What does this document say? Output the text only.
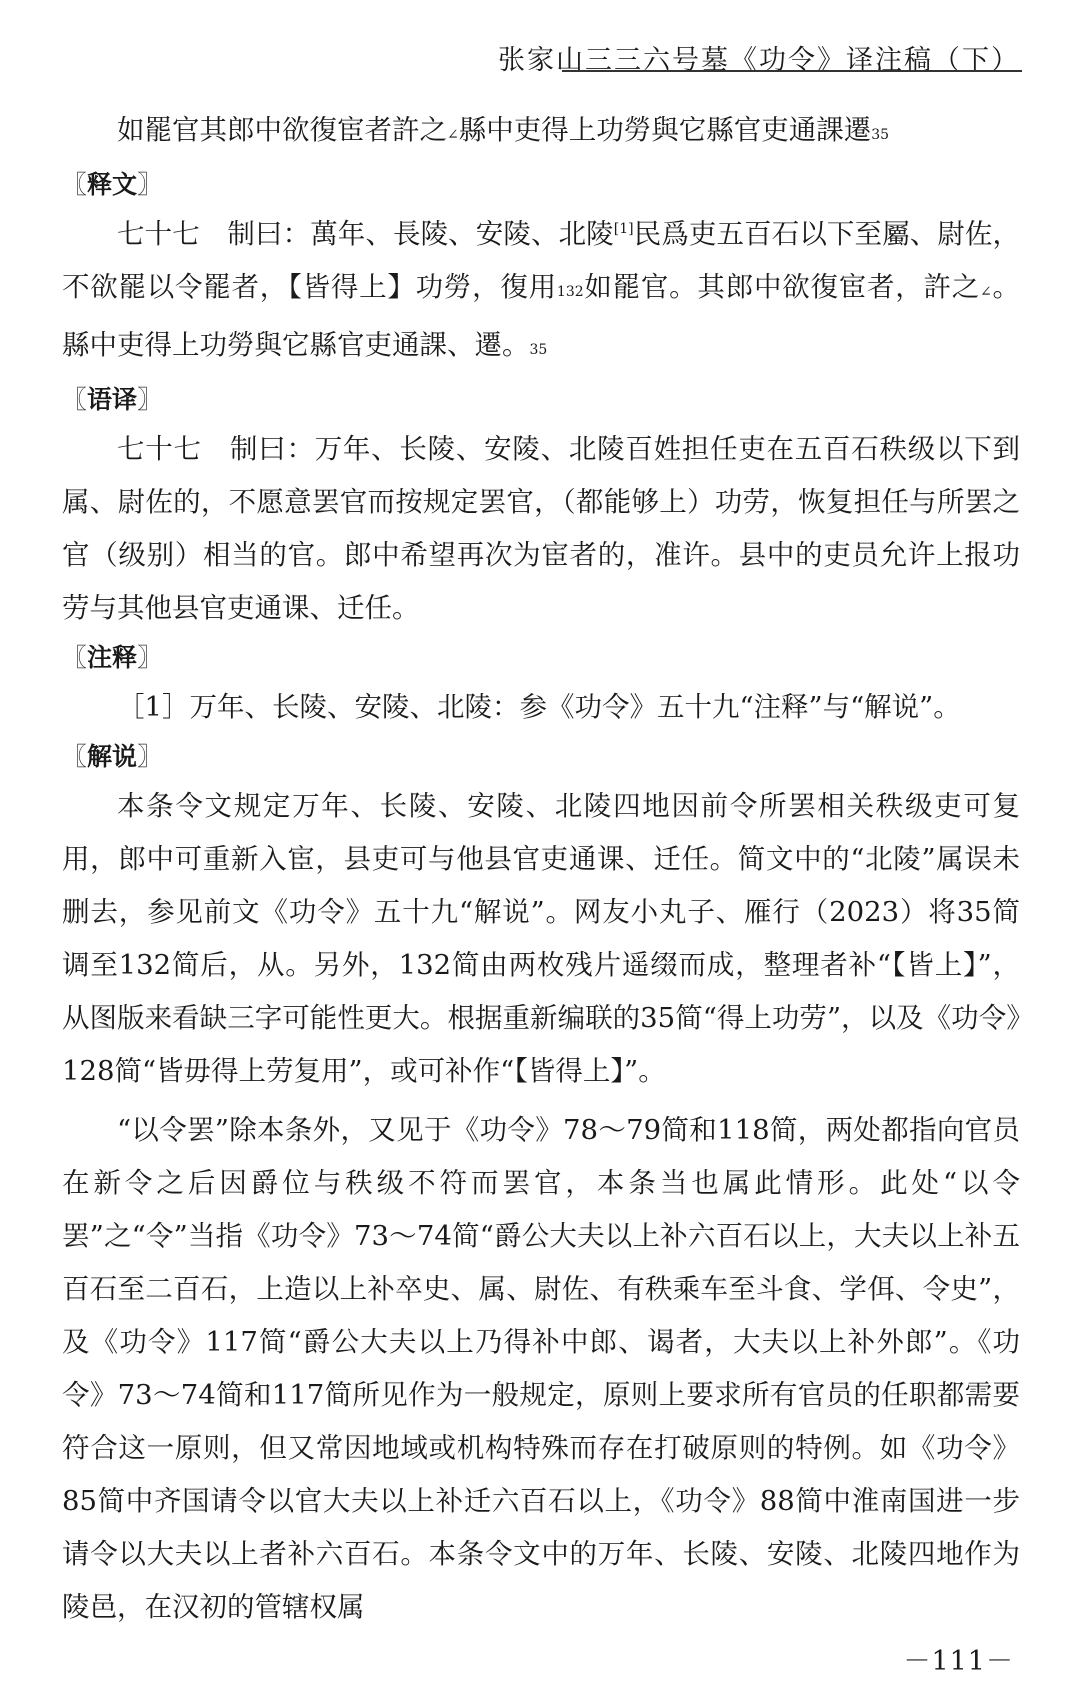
张家山三三六号墓《功令》译注稿（下）

如罷官其郎中欲復宦者許之∠縣中吏得上功勞與它縣官吏通課遷35

〖释文〗

七十七　制曰：萬年、長陵、安陵、北陵[1]民爲吏五百石以下至屬、尉佐，不欲罷以令罷者，【皆得上】功勞，復用132如罷官。其郎中欲復宦者，許之∠。縣中吏得上功勞與它縣官吏通課、遷。35

〖语译〗

七十七　制曰：万年、长陵、安陵、北陵百姓担任吏在五百石秩级以下到属、尉佐的，不愿意罢官而按规定罢官，（都能够上）功劳，恢复担任与所罢之官（级别）相当的官。郎中希望再次为宦者的，准许。县中的吏员允许上报功劳与其他县官吏通课、迁任。

〖注释〗

［1］万年、长陵、安陵、北陵：参《功令》五十九“注释”与“解说”。

〖解说〗

本条令文规定万年、长陵、安陵、北陵四地因前令所罢相关秩级吏可复用，郎中可重新入宦，县吏可与他县官吏通课、迁任。简文中的“北陵”属误未删去，参见前文《功令》五十九“解说”。网友小丸子、雁行（2023）将35简调至132简后，从。另外，132简由两枚残片遥缀而成，整理者补“【皆上】”，从图版来看缺三字可能性更大。根据重新编联的35简“得上功劳”，以及《功令》128简“皆毋得上劳复用”，或可补作“【皆得上】”。

“以令罢”除本条外，又见于《功令》78～79简和118简，两处都指向官员在新令之后因爵位与秩级不符而罢官，本条当也属此情形。此处“以令罢”之“令”当指《功令》73～74简“爵公大夫以上补六百石以上，大夫以上补五百石至二百石，上造以上补卒史、属、尉佐、有秩乘车至斗食、学佴、令史”，及《功令》117简“爵公大夫以上乃得补中郎、谒者，大夫以上补外郎”。《功令》73～74简和117简所见作为一般规定，原则上要求所有官员的任职都需要符合这一原则，但又常因地域或机构特殊而存在打破原则的特例。如《功令》85简中齐国请令以官大夫以上补迁六百石以上，《功令》88简中淮南国进一步请令以大夫以上者补六百石。本条令文中的万年、长陵、安陵、北陵四地作为陵邑，在汉初的管辖权属

－111－
